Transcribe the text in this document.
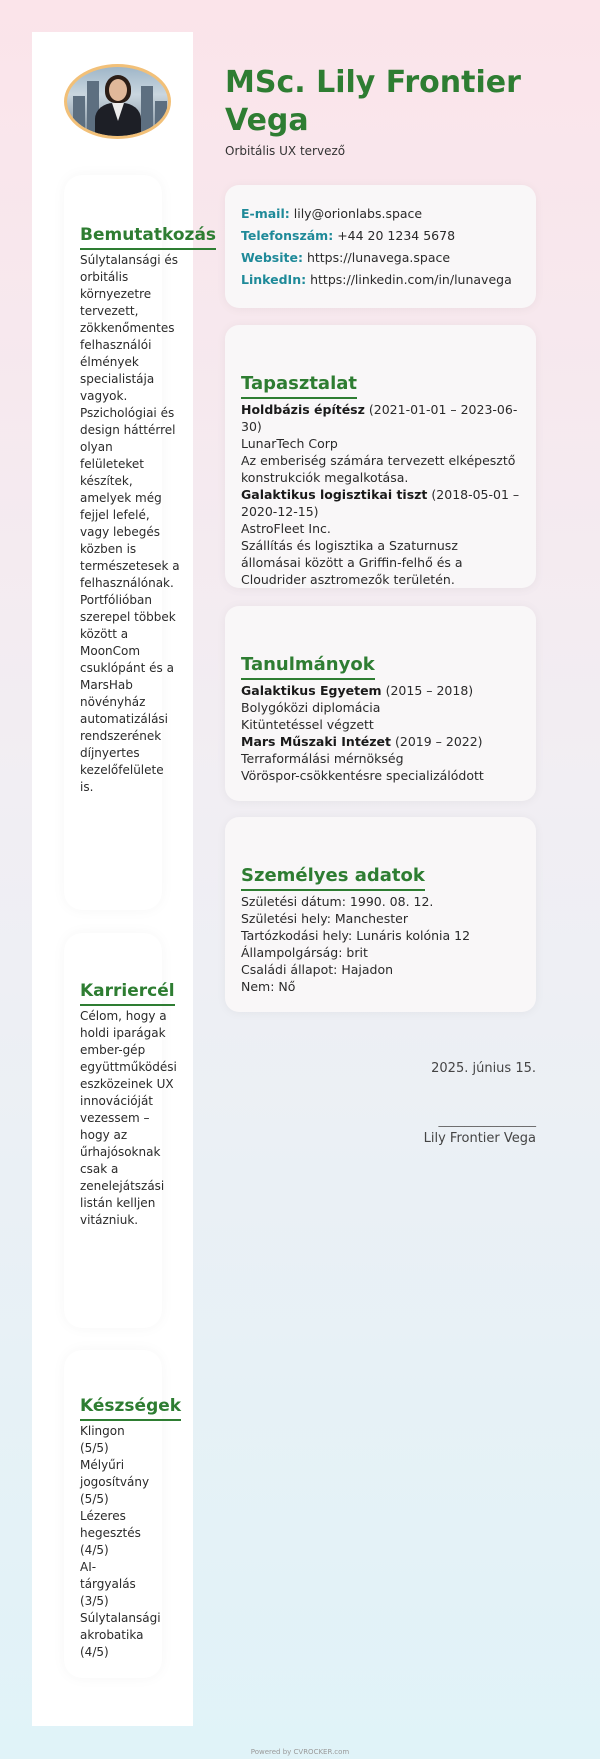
Bemutatkozás
Súlytalansági és orbitális környezetre tervezett, zökkenőmentes felhasználói élmények specialistája vagyok. Pszichológiai és design háttérrel olyan felületeket készítek, amelyek még fejjel lefelé, vagy lebegés közben is természetesek a felhasználónak. Portfólióban szerepel többek között a MoonCom csuklópánt és a MarsHab növényház automatizálási rendszerének díjnyertes kezelőfelülete is.
Karriercél
Célom, hogy a holdi iparágak ember-gép együttműködési eszközeinek UX innovációját vezessem – hogy az űrhajósoknak csak a zenelejátszási listán kelljen vitázniuk.
Készségek
Klingon (5/5)
Mélyűri jogosítvány (5/5)
Lézeres hegesztés (4/5)
AI-tárgyalás (3/5)
Súlytalansági akrobatika (4/5)
MSc. Lily Frontier Vega
Orbitális UX tervező
E-mail: lily@orionlabs.space
Telefonszám: +44 20 1234 5678
Website: https://lunavega.space
LinkedIn: https://linkedin.com/in/lunavega
Tapasztalat
Holdbázis építész (2021-01-01 – 2023-06-30)
LunarTech Corp
Az emberiség számára tervezett elképesztő konstrukciók megalkotása.
Galaktikus logisztikai tiszt (2018-05-01 – 2020-12-15)
AstroFleet Inc.
Szállítás és logisztika a Szaturnusz állomásai között a Griffin-felhő és a Cloudrider asztromezők területén.
Tanulmányok
Galaktikus Egyetem (2015 – 2018)
Bolygóközi diplomácia
Kitüntetéssel végzett
Mars Műszaki Intézet (2019 – 2022)
Terraformálási mérnökség
Vöröspor-csökkentésre specializálódott
Személyes adatok
Születési dátum: 1990. 08. 12.
Születési hely: Manchester
Tartózkodási hely: Lunáris kolónia 12
Állampolgárság: brit
Családi állapot: Hajadon
Nem: Nő
2025. június 15.
_______________
Lily Frontier Vega
Powered by CVROCKER.com
